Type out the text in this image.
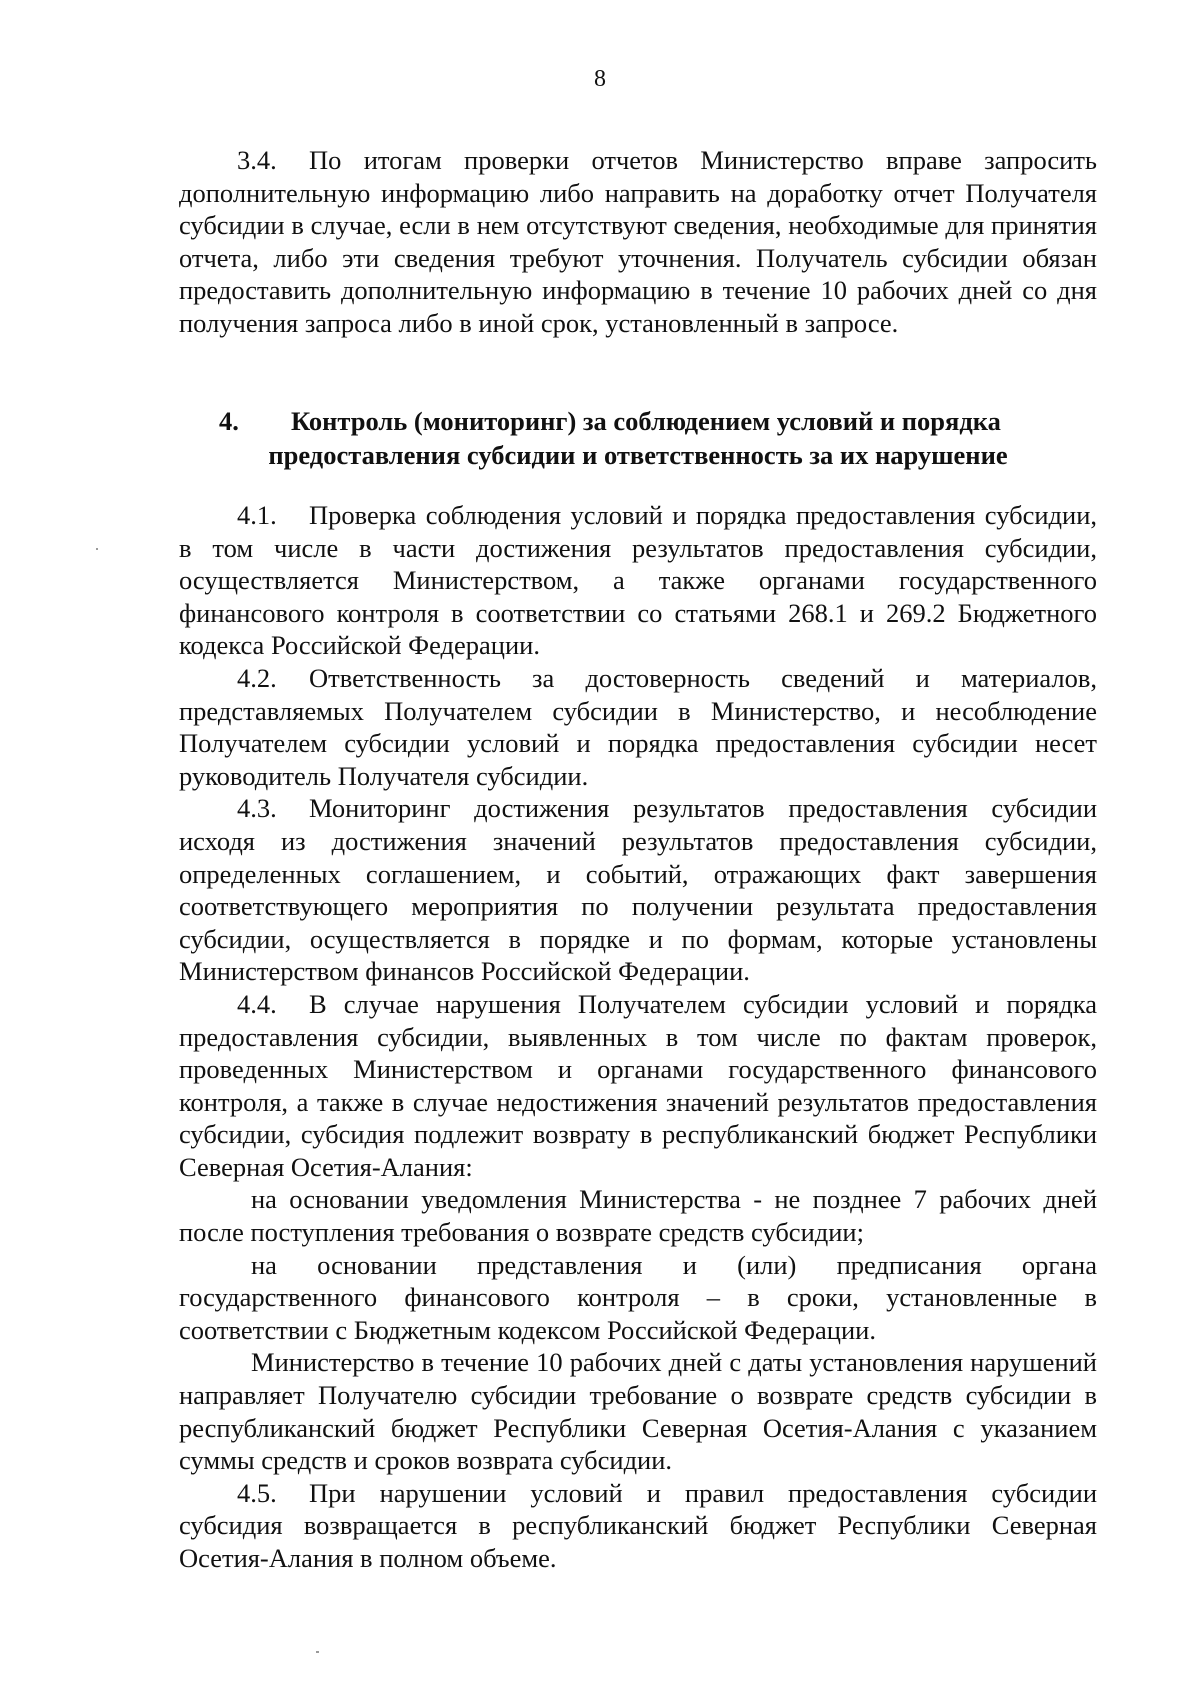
8

3.4. По итогам проверки отчетов Министерство вправе запросить дополнительную информацию либо направить на доработку отчет Получателя субсидии в случае, если в нем отсутствуют сведения, необходимые для принятия отчета, либо эти сведения требуют уточнения. Получатель субсидии обязан предоставить дополнительную информацию в течение 10 рабочих дней со дня получения запроса либо в иной срок, установленный в запросе.

4. Контроль (мониторинг) за соблюдением условий и порядка
предоставления субсидии и ответственность за их нарушение

4.1. Проверка соблюдения условий и порядка предоставления субсидии, в том числе в части достижения результатов предоставления субсидии, осуществляется Министерством, а также органами государственного финансового контроля в соответствии со статьями 268.1 и 269.2 Бюджетного кодекса Российской Федерации.

4.2. Ответственность за достоверность сведений и материалов, представляемых Получателем субсидии в Министерство, и несоблюдение Получателем субсидии условий и порядка предоставления субсидии несет руководитель Получателя субсидии.

4.3. Мониторинг достижения результатов предоставления субсидии исходя из достижения значений результатов предоставления субсидии, определенных соглашением, и событий, отражающих факт завершения соответствующего мероприятия по получении результата предоставления субсидии, осуществляется в порядке и по формам, которые установлены Министерством финансов Российской Федерации.

4.4. В случае нарушения Получателем субсидии условий и порядка предоставления субсидии, выявленных в том числе по фактам проверок, проведенных Министерством и органами государственного финансового контроля, а также в случае недостижения значений результатов предоставления субсидии, субсидия подлежит возврату в республиканский бюджет Республики Северная Осетия-Алания:

на основании уведомления Министерства - не позднее 7 рабочих дней после поступления требования о возврате средств субсидии;

на основании представления и (или) предписания органа государственного финансового контроля – в сроки, установленные в соответствии с Бюджетным кодексом Российской Федерации.

Министерство в течение 10 рабочих дней с даты установления нарушений направляет Получателю субсидии требование о возврате средств субсидии в республиканский бюджет Республики Северная Осетия-Алания с указанием суммы средств и сроков возврата субсидии.

4.5. При нарушении условий и правил предоставления субсидии субсидия возвращается в республиканский бюджет Республики Северная Осетия-Алания в полном объеме.
